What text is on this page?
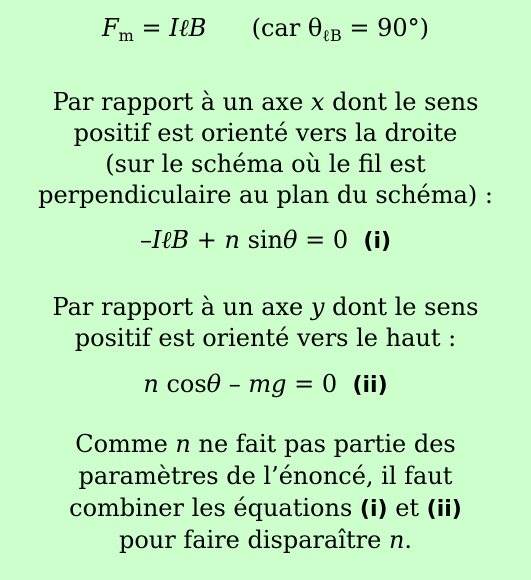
$F_m$ = IℓB (car $\theta_{\ell B} = 90^\circ$)
Par rapport à un axe x dont le sens
positif est orienté vers la droite
(sur le schéma où le fil est
perpendiculaire au plan du schéma) :
–IℓB + n sinθ = 0 (i)
Par rapport à un axe y dont le sens
positif est orienté vers le haut :
n cosθ – mg = 0 (ii)
Comme n ne fait pas partie des
paramètres de l’énoncé, il faut
combiner les équations (i) et (ii)
pour faire disparaître n.
